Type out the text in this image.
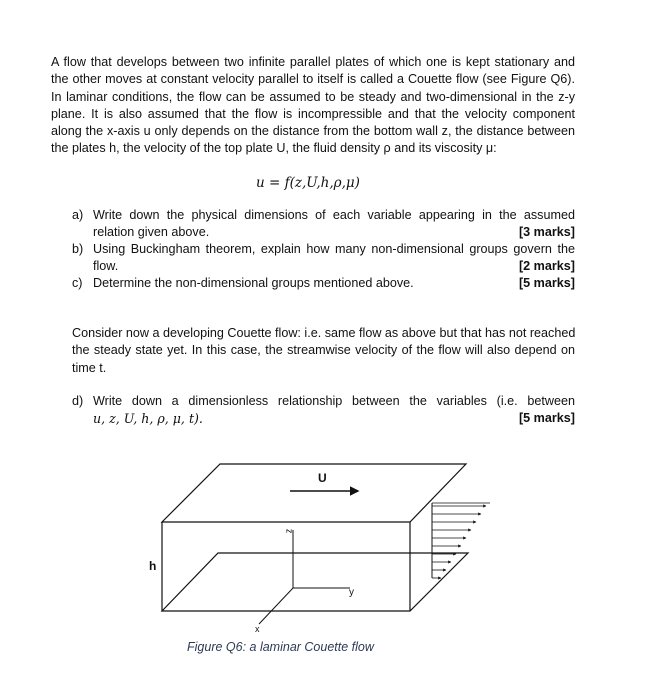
A flow that develops between two infinite parallel plates of which one is kept stationary and

the other moves at constant velocity parallel to itself is called a Couette flow (see Figure Q6).

In laminar conditions, the flow can be assumed to be steady and two-dimensional in the z-y

plane. It is also assumed that the flow is incompressible and that the velocity component

along the x-axis u only depends on the distance from the bottom wall z, the distance between

the plates h, the velocity of the top plate U, the fluid density ρ and its viscosity μ:

u = f(z,U,h,ρ,μ)
a) Write down the physical dimensions of each variable appearing in the assumed
relation given above.	[3 marks]
b) Using Buckingham theorem, explain how many non-dimensional groups govern the
flow.	[2 marks]
c) Determine the non-dimensional groups mentioned above.	[5 marks]

Consider now a developing Couette flow: i.e. same flow as above but that has not reached

the steady state yet. In this case, the streamwise velocity of the flow will also depend on

time t.

d) Write down a dimensionless relationship between the variables (i.e. between
u, z, U, h, ρ, μ, t).	[5 marks]
U
h
z
y
x
Figure Q6: a laminar Couette flow
